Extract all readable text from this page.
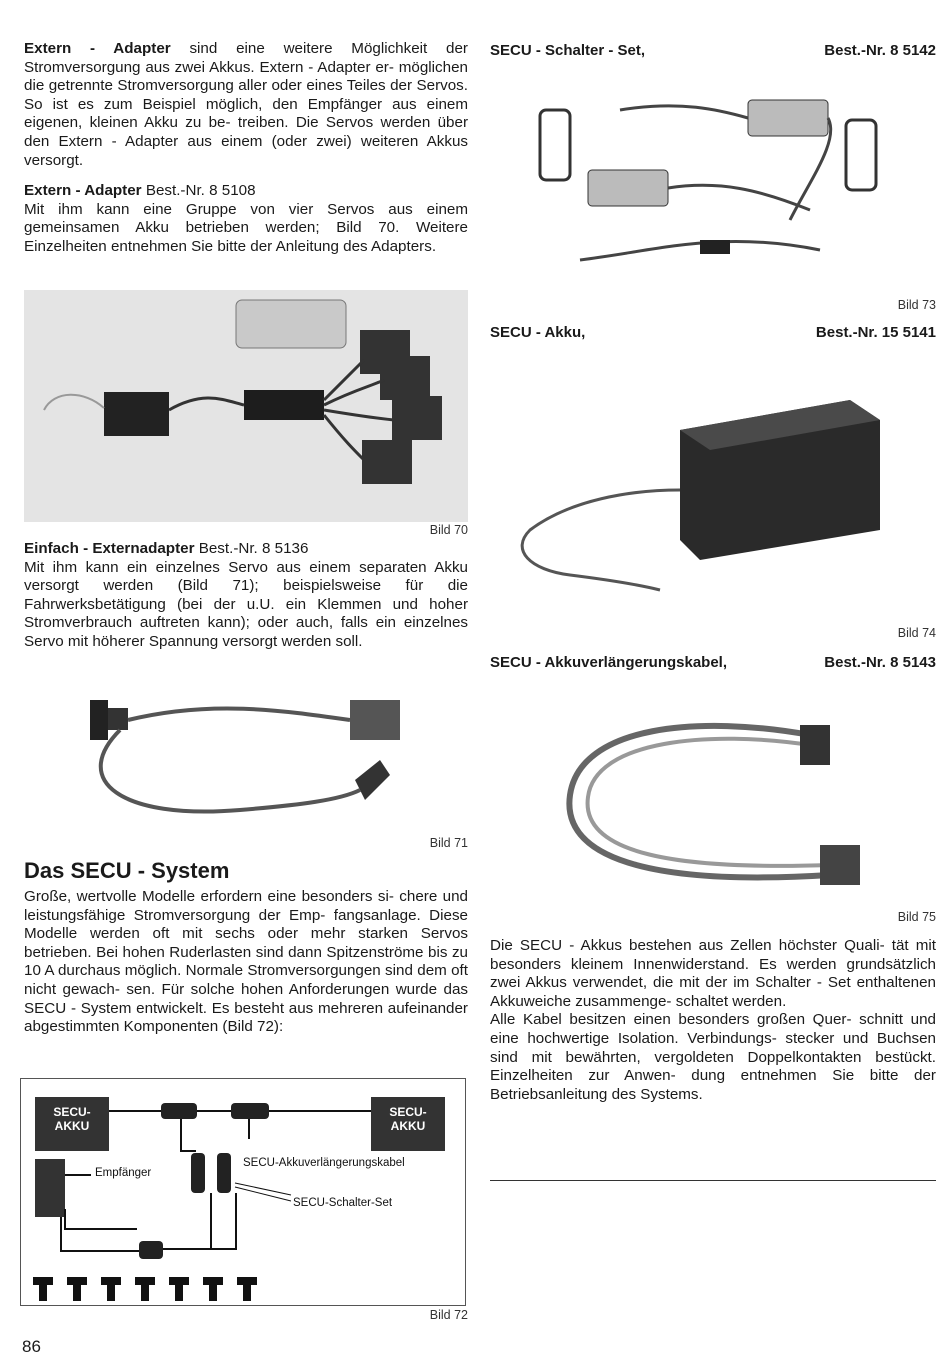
Extern - Adapter sind eine weitere Möglichkeit der Stromversorgung aus zwei Akkus. Extern - Adapter er- möglichen die getrennte Stromversorgung aller oder eines Teiles der Servos. So ist es zum Beispiel möglich, den Empfänger aus einem eigenen, kleinen Akku zu be- treiben. Die Servos werden über den Extern - Adapter aus einem (oder zwei) weiteren Akkus versorgt.

Extern - Adapter Best.-Nr. 8 5108

Mit ihm kann eine Gruppe von vier Servos aus einem gemeinsamen Akku betrieben werden; Bild 70. Weitere Einzelheiten entnehmen Sie bitte der Anleitung des Adapters.

Bild 70

Einfach - Externadapter Best.-Nr. 8 5136

Mit ihm kann ein einzelnes Servo aus einem separaten Akku versorgt werden (Bild 71); beispielsweise für die Fahrwerksbetätigung (bei der u.U. ein Klemmen und hoher Stromverbrauch auftreten kann); oder auch, falls ein einzelnes Servo mit höherer Spannung versorgt werden soll.

Bild 71
Das SECU - System

Große, wertvolle Modelle erfordern eine besonders si- chere und leistungsfähige Stromversorgung der Emp- fangsanlage. Diese Modelle werden oft mit sechs oder mehr starken Servos betrieben. Bei hohen Ruderlasten sind dann Spitzenströme bis zu 10 A durchaus möglich. Normale Stromversorgungen sind dem oft nicht gewach- sen. Für solche hohen Anforderungen wurde das SECU - System entwickelt. Es besteht aus mehreren aufeinander abgestimmten Komponenten (Bild 72):

SECU-
AKKU
SECU-
AKKU
Empfänger
SECU-Akkuverlängerungskabel
SECU-Schalter-Set
Bild 72
86
SECU - Schalter - Set,	Best.-Nr. 8 5142
Bild 73
SECU - Akku,	Best.-Nr. 15 5141
Bild 74
SECU - Akkuverlängerungskabel,	Best.-Nr. 8 5143
Bild 75

Die SECU - Akkus bestehen aus Zellen höchster Quali- tät mit besonders kleinem Innenwiderstand. Es werden grundsätzlich zwei Akkus verwendet, die mit der im Schalter - Set enthaltenen Akkuweiche zusammenge- schaltet werden.

Alle Kabel besitzen einen besonders großen Quer- schnitt und eine hochwertige Isolation. Verbindungs- stecker und Buchsen sind mit bewährten, vergoldeten Doppelkontakten bestückt. Einzelheiten zur Anwen- dung entnehmen Sie bitte der Betriebsanleitung des Systems.
